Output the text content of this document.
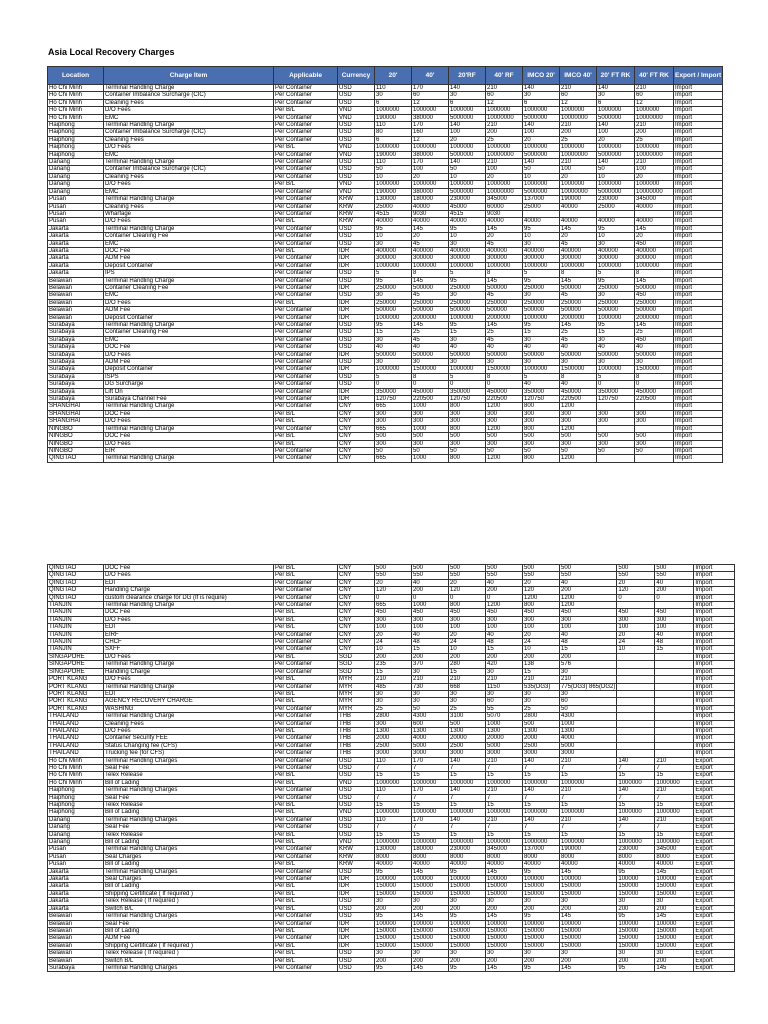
Asia Local Recovery Charges
Location	Charge Item	Applicable	Currency	20'	40'	20'RF	40' RF	IMCO 20'	IMCO 40'	20' FT RK	40' FT RK	Export / Import
Ho Chi Minh	Terminal Handling Charge	Per Container	USD	110	170	140	210	140	210	140	210	Import
Ho Chi Minh	Container Imbalance Surcharge (CIC)	Per Container	USD	30	60	30	60	30	60	30	60	Import
Ho Chi Minh	Cleaning Fees	Per Container	USD	6	12	6	12	6	12	6	12	Import
Ho Chi Minh	D/O Fees	Per B/L	VND	1000000	1000000	1000000	1000000	1000000	1000000	1000000	1000000	Import
Ho Chi Minh	EMC	Per Container	VND	190000	380000	5000000	10000000	5000000	10000000	5000000	10000000	Import
Haiphong	Terminal Handling Charge	Per Container	USD	110	170	140	210	140	210	140	210	Import
Haiphong	Container Imbalance Surcharge (CIC)	Per Container	USD	80	160	100	200	100	200	100	200	Import
Haiphong	Cleaning Fees	Per Container	USD	6	12	20	25	20	25	20	25	Import
Haiphong	D/O Fees	Per B/L	VND	1000000	1000000	1000000	1000000	1000000	1000000	1000000	1000000	Import
Haiphong	EMC	Per Container	VND	190000	380000	5000000	10000000	5000000	10000000	5000000	10000000	Import
Danang	Terminal Handling Charge	Per Container	USD	110	170	140	210	140	210	140	210	Import
Danang	Container Imbalance Surcharge (CIC)	Per Container	USD	50	100	50	100	50	100	50	100	Import
Danang	Cleaning Fees	Per Container	USD	10	20	10	20	10	20	10	20	Import
Danang	D/O Fees	Per B/L	VND	1000000	1000000	1000000	1000000	1000000	1000000	1000000	1000000	Import
Danang	EMC	Per Container	VND	190000	380000	5000000	10000000	5000000	10000000	5000000	10000000	Import
Pusan	Terminal Handling Charge	Per Container	KRW	130000	180000	230000	345000	137000	190000	230000	345000	Import
Pusan	Cleaning Fees	Per Container	KRW	25000	40000	45000	60000	25000	40000	25000	40000	Import
Pusan	Wharfage	Per Container	KRW	4515	9030	4515	9030					Import
Pusan	D/O Fees	Per B/L	KRW	40000	40000	40000	40000	40000	40000	40000	40000	Import
Jakarta	Terminal Handling Charge	Per Container	USD	95	145	95	145	95	145	95	145	Import
Jakarta	Container Cleaning Fee	Per Container	USD	10	20	10	20	10	20	10	20	Import
Jakarta	EMC	Per Container	USD	30	45	30	45	30	45	30	450	Import
Jakarta	DOC Fee	Per B/L	IDR	400000	400000	400000	400000	400000	400000	400000	400000	Import
Jakarta	ADM Fee	Per Container	IDR	300000	300000	300000	300000	300000	300000	300000	300000	Import
Jakarta	Deposit Container	Per Container	IDR	1000000	1000000	1000000	1000000	1000000	1000000	1000000	1000000	Import
Jakarta	IPS	Per Container	USD	5	8	5	8	5	8	5	8	Import
Belawan	Terminal Handling Charge	Per Container	USD	95	145	95	145	95	145	95	145	Import
Belawan	Container Cleaning Fee	Per Container	IDR	250000	500000	250000	500000	250000	500000	250000	500000	Import
Belawan	EMC	Per Container	USD	30	45	30	45	30	45	30	450	Import
Belawan	D/O Fees	Per B/L	IDR	250000	250000	250000	250000	250000	250000	250000	250000	Import
Belawan	ADM Fee	Per Container	IDR	500000	500000	500000	500000	500000	500000	500000	500000	Import
Belawan	Deposit Container	Per Container	IDR	1000000	2000000	1000000	2000000	1000000	2000000	1000000	2000000	Import
Surabaya	Terminal Handling Charge	Per Container	USD	95	145	95	145	95	145	95	145	Import
Surabaya	Container Cleaning Fee	Per Container	USD	15	25	15	25	15	25	15	25	Import
Surabaya	EMC	Per Container	USD	30	45	30	45	30	45	30	450	Import
Surabaya	DOC Fee	Per Container	USD	40	40	40	40	40	40	40	40	Import
Surabaya	D/O Fees	Per Container	IDR	500000	500000	500000	500000	500000	500000	500000	500000	Import
Surabaya	ADM Fee	Per Container	USD	30	30	30	30	30	30	30	30	Import
Surabaya	Deposit Container	Per Container	IDR	1000000	1500000	1000000	1500000	1000000	1500000	1000000	1500000	Import
Surabaya	ISPS	Per Container	USD	5	8	5	8	5	8	5	8	Import
Surabaya	DG Surcharge	Per Container	USD	0	0	0	0	40	40	0	0	Import
Surabaya	Lift On	Per Container	IDR	350000	450000	350000	450000	350000	450000	350000	450000	Import
Surabaya	Surabaya Channel Fee	Per Container	IDR	120750	220500	120750	220500	120750	220500	120750	220500	Import
SHANGHAI	Terminal Handling Charge	Per Container	CNY	665	1000	800	1200	800	1200			Import
SHANGHAI	DOC Fee	Per B/L	CNY	300	300	300	300	300	300	300	300	Import
SHANGHAI	D/O Fees	Per B/L	CNY	300	300	300	300	300	300	300	300	Import
NINGBO	Terminal Handling Charge	Per Container	CNY	665	1000	800	1200	800	1200			Import
NINGBO	DOC Fee	Per B/L	CNY	500	500	500	500	500	500	500	500	Import
NINGBO	D/O Fees	Per B/L	CNY	300	300	300	300	300	300	300	300	Import
NINGBO	EIR	Per Container	CNY	50	50	50	50	50	50	50	50	Import
QINGTAO	Terminal Handling Charge	Per Container	CNY	665	1000	800	1200	800	1200			Import
QINGTAO	DOC Fee	Per B/L	CNY	500	500	500	500	500	500	500	500	Import
QINGTAO	D/O Fees	Per B/L	CNY	550	550	550	550	550	550	550	550	Import
QINGTAO	EDI	Per Container	CNY	20	40	20	40	20	40	20	40	Import
QINGTAO	Handling Charge	Per Container	CNY	120	200	120	200	120	200	120	200	Import
QINGTAO	custom clearance charge for DG (If is require)	Per Container	CNY	0	0	0	0	1200	1200	0	0	Import
TIANJIN	Terminal Handling Charge	Per Container	CNY	665	1000	800	1200	800	1200			Import
TIANJIN	DOC Fee	Per B/L	CNY	450	450	450	450	450	450	450	450	Import
TIANJIN	D/O Fees	Per B/L	CNY	300	300	300	300	300	300	300	300	Import
TIANJIN	EDI	Per B/L	CNY	100	100	100	100	100	100	100	100	Import
TIANJIN	EIRF	Per Container	CNY	20	40	20	40	20	40	20	40	Import
TIANJIN	CHCF	Per Container	CNY	24	48	24	48	24	48	24	48	Import
TIANJIN	SXFF	Per Container	CNY	10	15	10	15	10	15	10	15	Import
SINGAPORE	D/O Fees	Per B/L	SGD	200	200	200	200	200	200			Import
SINGAPORE	Terminal Handling Charge	Per Container	SGD	235	370	280	420	138	576			Import
SINGAPORE	Handling Charge	Per Container	SGD	15	30	15	30	15	30			Import
PORT KLANG	D/O Fees	Per B/L	MYR	210	210	210	210	210	210			Import
PORT KLANG	Terminal Handling Charge	Per Container	MYR	485	730	668	1150	535(DG3)	775(DG3) 865(DG2)			Import
PORT KLANG	EDI	Per B/L	MYR	30	30	30	30	30	30			Import
PORT KLANG	AGENCY RECOVERY CHARGE	Per B/L	MYR	30	30	30	60	30	60			Import
PORT KLANG	WASHING	Per Container	MYR	25	50	25	55	25	50			Import
THAILAND	Terminal Handling Charge	Per Container	THB	2800	4300	3100	5070	2800	4300			Import
THAILAND	Cleaning Fees	Per Container	THB	300	600	500	1000	500	1000			Import
THAILAND	D/O Fees	Per B/L	THB	1300	1300	1300	1300	1300	1300			Import
THAILAND	Container Security FEE	Per Container	THB	2000	4000	20000	20000	2000	4000			Import
THAILAND	Status Changing fee (CFS)	Per Container	THB	2500	5000	2500	5000	2500	5000			Import
THAILAND	Trucking fee (for CFS)	Per Container	THB	3000	3000	3000	3000	3000	3000			Import
Ho Chi Minh	Terminal Handling Charges	Per Container	USD	110	170	140	210	140	210	140	210	Export
Ho Chi Minh	Seal Fee	Per Container	USD	7	7	7	7	7	7	7	7	Export
Ho Chi Minh	Telex Release	Per B/L	USD	15	15	15	15	15	15	15	15	Export
Ho Chi Minh	Bill of Lading	Per B/L	VND	1000000	1000000	1000000	1000000	1000000	1000000	1000000	1000000	Export
Haiphong	Terminal Handling Charges	Per Container	USD	110	170	140	210	140	210	140	210	Export
Haiphong	Seal Fee	Per Container	USD	7	7	7	7	7	7	7	7	Export
Haiphong	Telex Release	Per B/L	USD	15	15	15	15	15	15	15	15	Export
Haiphong	Bill of Lading	Per B/L	VND	1000000	1000000	1000000	1000000	1000000	1000000	1000000	1000000	Export
Danang	Terminal Handling Charges	Per Container	USD	110	170	140	210	140	210	140	210	Export
Danang	Seal Fee	Per Container	USD	7	7	7	7	7	7	7	7	Export
Danang	Telex Release	Per B/L	USD	15	15	15	15	15	15	15	15	Export
Danang	Bill of Lading	Per B/L	VND	1000000	1000000	1000000	1000000	1000000	1000000	1000000	1000000	Export
Pusan	Terminal Handling Charges	Per Container	KRW	130000	180000	230000	345000	137000	190000	230000	345000	Export
Pusan	Seal Charges	Per Container	KRW	8000	8000	8000	8000	8000	8000	8000	8000	Export
Pusan	Bill of Lading	Per B/L	KRW	40000	40000	40000	40000	40000	40000	40000	40000	Export
Jakarta	Terminal Handling Charges	Per Container	USD	95	145	95	145	95	145	95	145	Export
Jakarta	Seal Charges	Per Container	IDR	100000	100000	100000	100000	100000	100000	100000	100000	Export
Jakarta	Bill of Lading	Per B/L	IDR	150000	150000	150000	150000	150000	150000	150000	150000	Export
Jakarta	Shipping Certificate ( If required )	Per B/L	IDR	150000	150000	150000	150000	150000	150000	150000	150000	Export
Jakarta	Telex Release ( If required )	Per B/L	USD	30	30	30	30	30	30	30	30	Export
Jakarta	Switch B/L	Per B/L	USD	200	200	200	200	200	200	200	200	Export
Belawan	Terminal Handling Charges	Per Container	USD	95	145	95	145	95	145	95	145	Export
Belawan	Seal Fee	Per Container	IDR	100000	100000	100000	100000	100000	100000	100000	100000	Export
Belawan	Bill of Lading	Per B/L	IDR	150000	150000	150000	150000	150000	150000	150000	150000	Export
Belawan	ADM Fee	Per Container	IDR	150000	150000	150000	150000	150000	150000	150000	150000	Export
Belawan	Shipping Certificate ( If required )	Per B/L	IDR	150000	150000	150000	150000	150000	150000	150000	150000	Export
Belawan	Telex Release ( If required )	Per B/L	USD	30	30	30	30	30	30	30	30	Export
Belawan	Switch B/L	Per B/L	USD	200	200	200	200	200	200	200	200	Export
Surabaya	Terminal Handling Charges	Per Container	USD	95	145	95	145	95	145	95	145	Export
